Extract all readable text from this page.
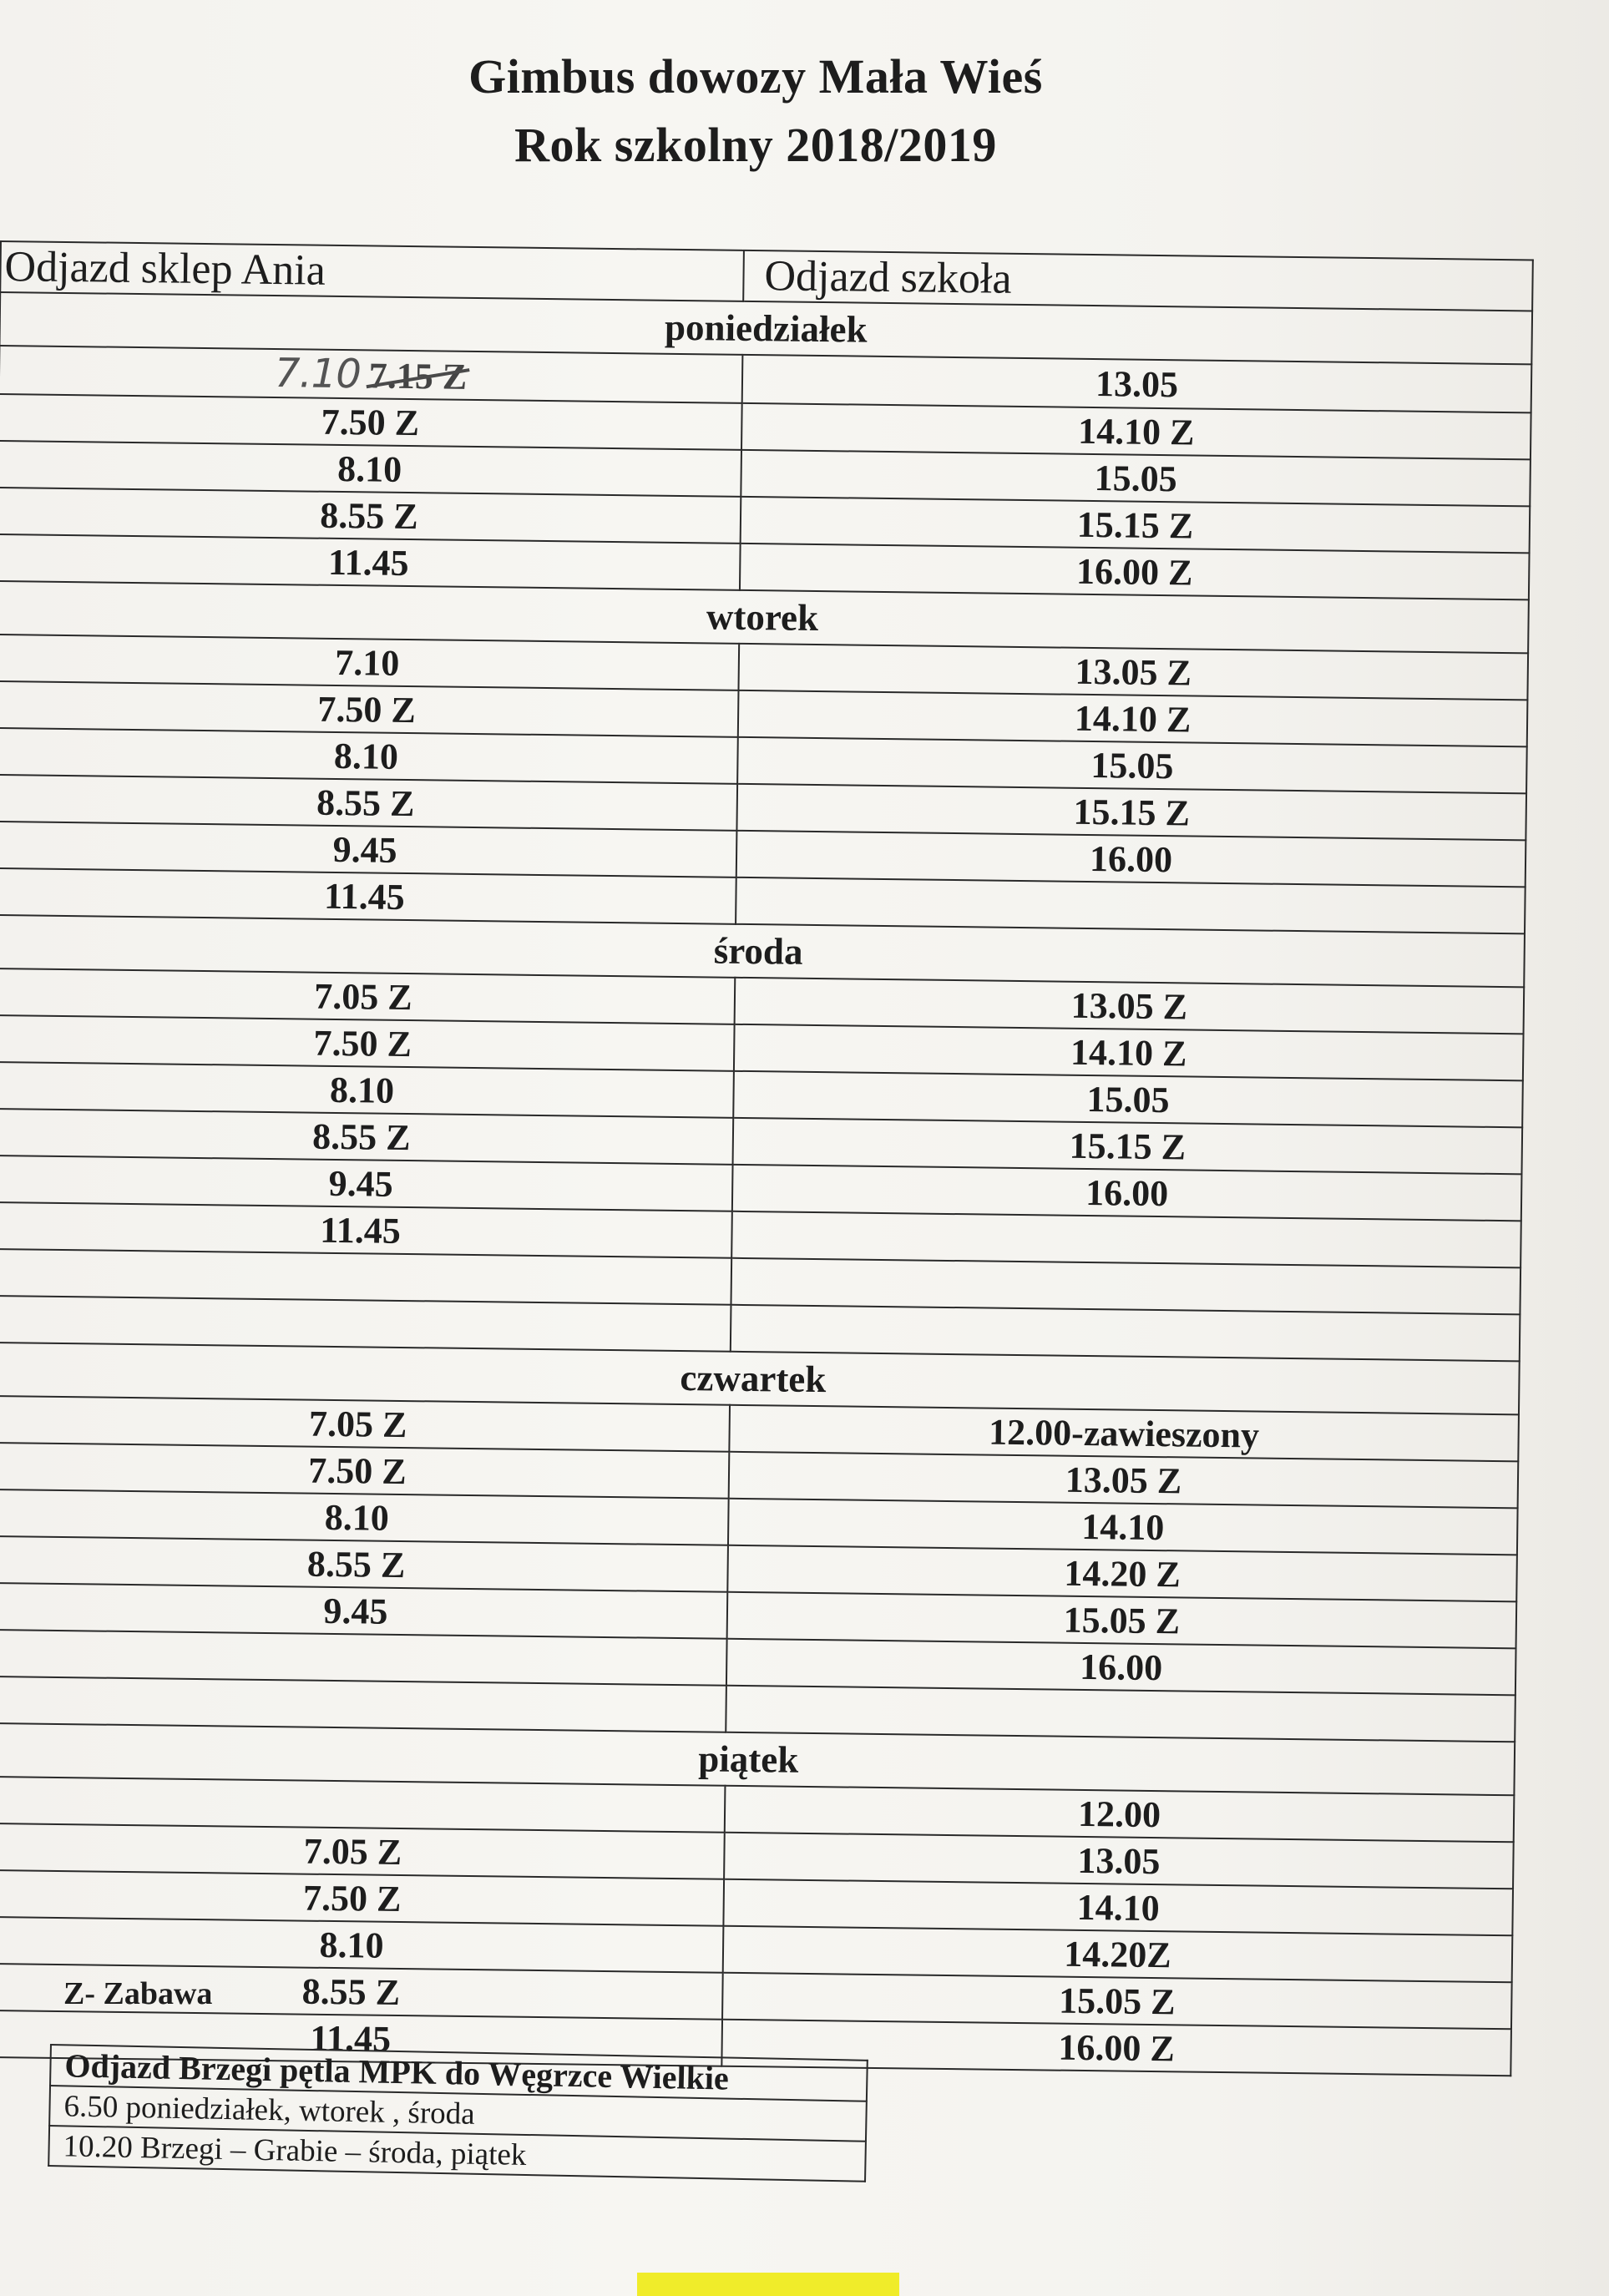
Gimbus dowozy Mała Wieś
Rok szkolny 2018/2019
Odjazd sklep Ania	Odjazd szkoła
poniedziałek	
7.10 7.15 Z	13.05
7.50 Z	14.10 Z
8.10	15.05
8.55 Z	15.15 Z
11.45	16.00 Z
wtorek	
7.10	13.05 Z
7.50 Z	14.10 Z
8.10	15.05
8.55 Z	15.15 Z
9.45	16.00
11.45	
środa	
7.05 Z	13.05 Z
7.50 Z	14.10 Z
8.10	15.05
8.55 Z	15.15 Z
9.45	16.00
11.45	

czwartek	
7.05 Z	12.00-zawieszony
7.50 Z	13.05 Z
8.10	14.10
8.55 Z	14.20 Z
9.45	15.05 Z
	16.00

piątek	
	12.00
7.05 Z	13.05
7.50 Z	14.10
8.10	14.20Z
8.55 Z	15.05 Z
11.45	16.00 Z
Z- Zabawa
Odjazd Brzegi pętla MPK do Węgrzce Wielkie
6.50 poniedziałek, wtorek , środa
10.20 Brzegi – Grabie – środa, piątek
